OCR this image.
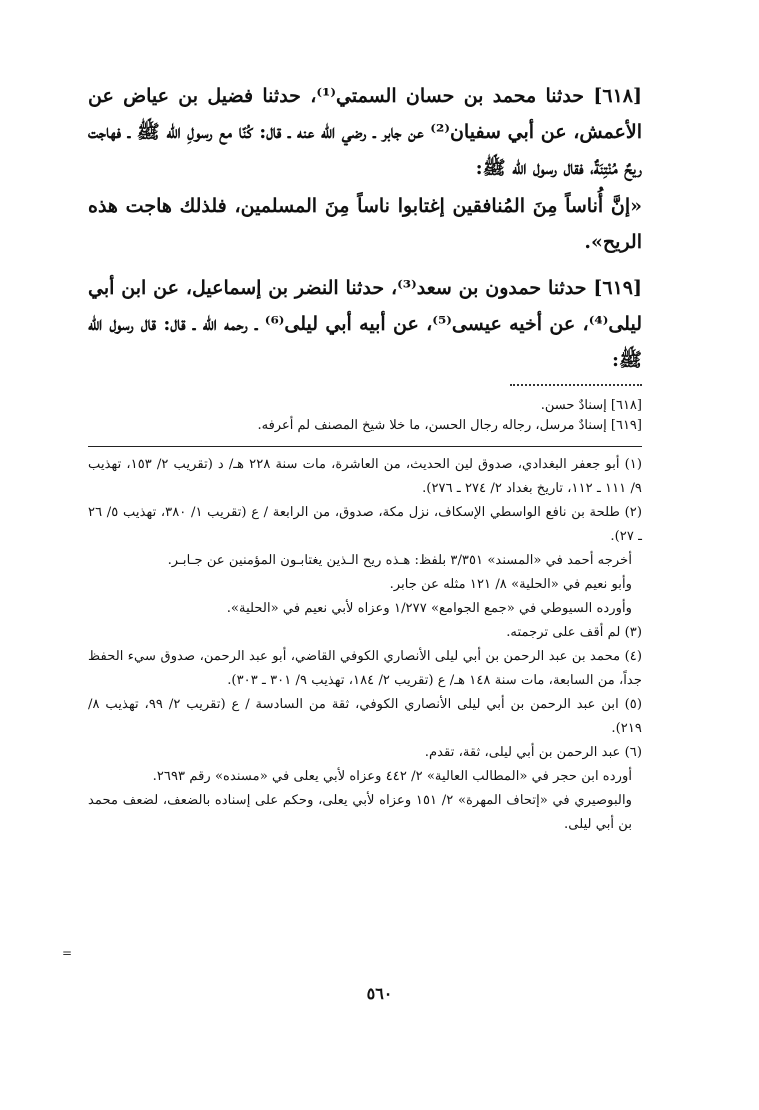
[٦١٨] حدثنا محمد بن حسان السمتي⁽¹⁾، حدثنا فضيل بن عياض عن الأعمش، عن أبي سفيان⁽²⁾ عن جابر ـ رضي الله عنه ـ قال: كُنّا مع رسولِ الله ﷺ ـ فهاجت ريحٌ مُنْتِنَةٌ، فقال رسول الله ﷺ:

«إنَّ أُناساً مِنَ المُنافقين إغتابوا ناساً مِنَ المسلمين، فلذلك هاجت هذه الريح».

[٦١٩] حدثنا حمدون بن سعد⁽³⁾، حدثنا النضر بن إسماعيل، عن ابن أبي ليلى⁽⁴⁾، عن أخيه عيسى⁽⁵⁾، عن أبيه أبي ليلى⁽⁶⁾ ـ رحمه الله ـ قال: قال رسول الله ﷺ:

[٦١٨] إسنادٌ حسن.

[٦١٩] إسنادٌ مرسل، رجاله رجال الحسن، ما خلا شيخ المصنف لم أعرفه.

(١) أبو جعفر البغدادي، صدوق لين الحديث، من العاشرة، مات سنة ٢٢٨ هـ/ د (تقريب ٢/ ١٥٣، تهذيب ٩/ ١١١ ـ ١١٢، تاريخ بغداد ٢/ ٢٧٤ ـ ٢٧٦).

(٢) طلحة بن نافع الواسطي الإسكاف، نزل مكة، صدوق، من الرابعة / ع (تقريب ١/ ٣٨٠، تهذيب ٥/ ٢٦ ـ ٢٧).

أخرجه أحمد في «المسند» ٣/٣٥١ بلفظ: هـذه ريح الـذين يغتابـون المؤمنين عن جـابـر.

وأبو نعيم في «الحلية» ٨/ ١٢١ مثله عن جابر.

وأورده السيوطي في «جمع الجوامع» ١/٢٧٧ وعزاه لأبي نعيم في «الحلية».

(٣) لم أقف على ترجمته.

(٤) محمد بن عبد الرحمن بن أبي ليلى الأنصاري الكوفي القاضي، أبو عبد الرحمن، صدوق سيء الحفظ جداً، من السابعة، مات سنة ١٤٨ هـ/ ع (تقريب ٢/ ١٨٤، تهذيب ٩/ ٣٠١ ـ ٣٠٣).

(٥) ابن عبد الرحمن بن أبي ليلى الأنصاري الكوفي، ثقة من السادسة / ع (تقريب ٢/ ٩٩، تهذيب ٨/ ٢١٩).

(٦) عبد الرحمن بن أبي ليلى، ثقة، تقدم.

أورده ابن حجر في «المطالب العالية» ٢/ ٤٤٢ وعزاه لأبي يعلى في «مسنده» رقم ٢٦٩٣.

والبوصيري في «إتحاف المهرة» ٢/ ١٥١ وعزاه لأبي يعلى، وحكم على إسناده بالضعف، لضعف محمد بن أبي ليلى.

=
٥٦٠
